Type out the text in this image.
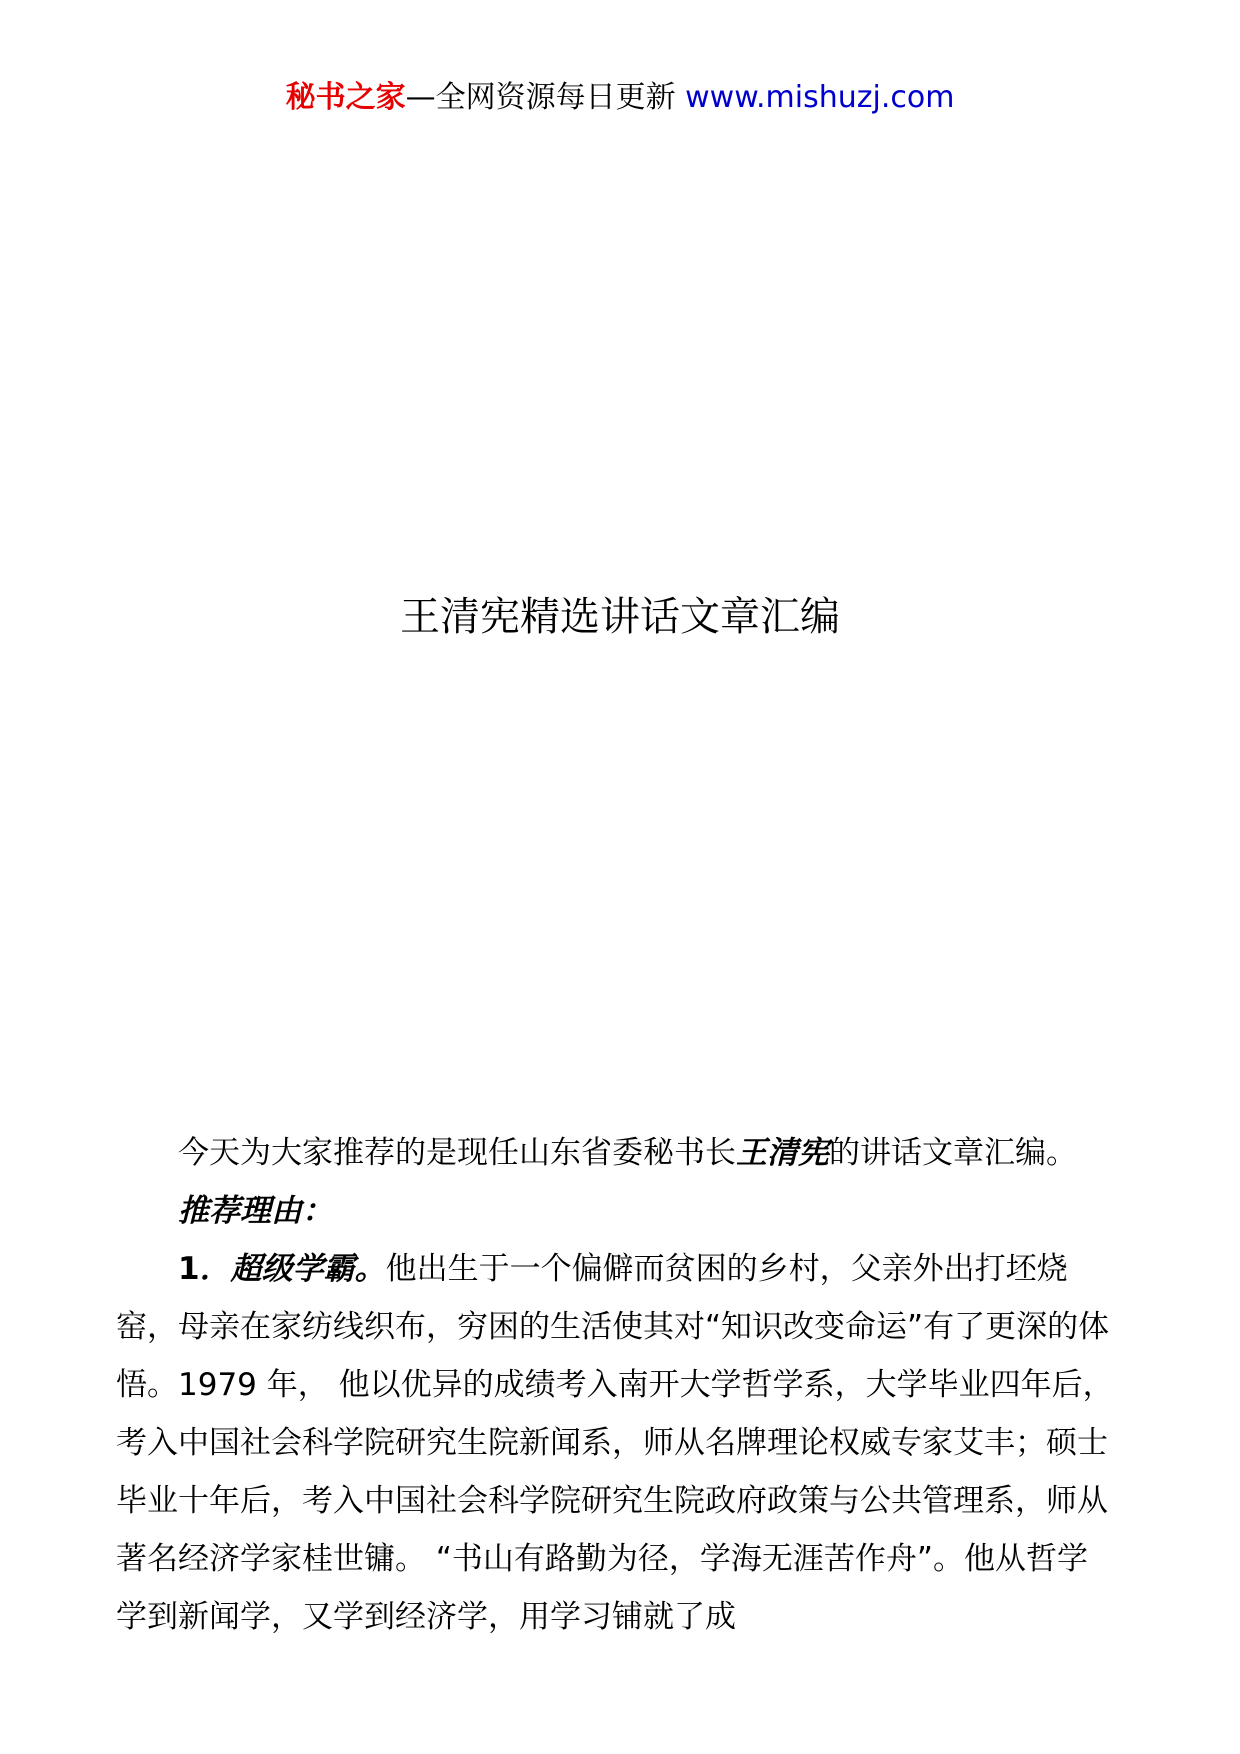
秘书之家—全网资源每日更新 www.mishuzj.com
王清宪精选讲话文章汇编

今天为大家推荐的是现任山东省委秘书长王清宪的讲话文章汇编。

推荐理由：

1．超级学霸。他出生于一个偏僻而贫困的乡村，父亲外出打坯烧窑，母亲在家纺线织布，穷困的生活使其对“知识改变命运”有了更深的体悟。1979 年， 他以优异的成绩考入南开大学哲学系，大学毕业四年后，考入中国社会科学院研究生院新闻系，师从名牌理论权威专家艾丰；硕士毕业十年后，考入中国社会科学院研究生院政府政策与公共管理系，师从著名经济学家桂世镛。 “书山有路勤为径，学海无涯苦作舟”。他从哲学学到新闻学，又学到经济学，用学习铺就了成
